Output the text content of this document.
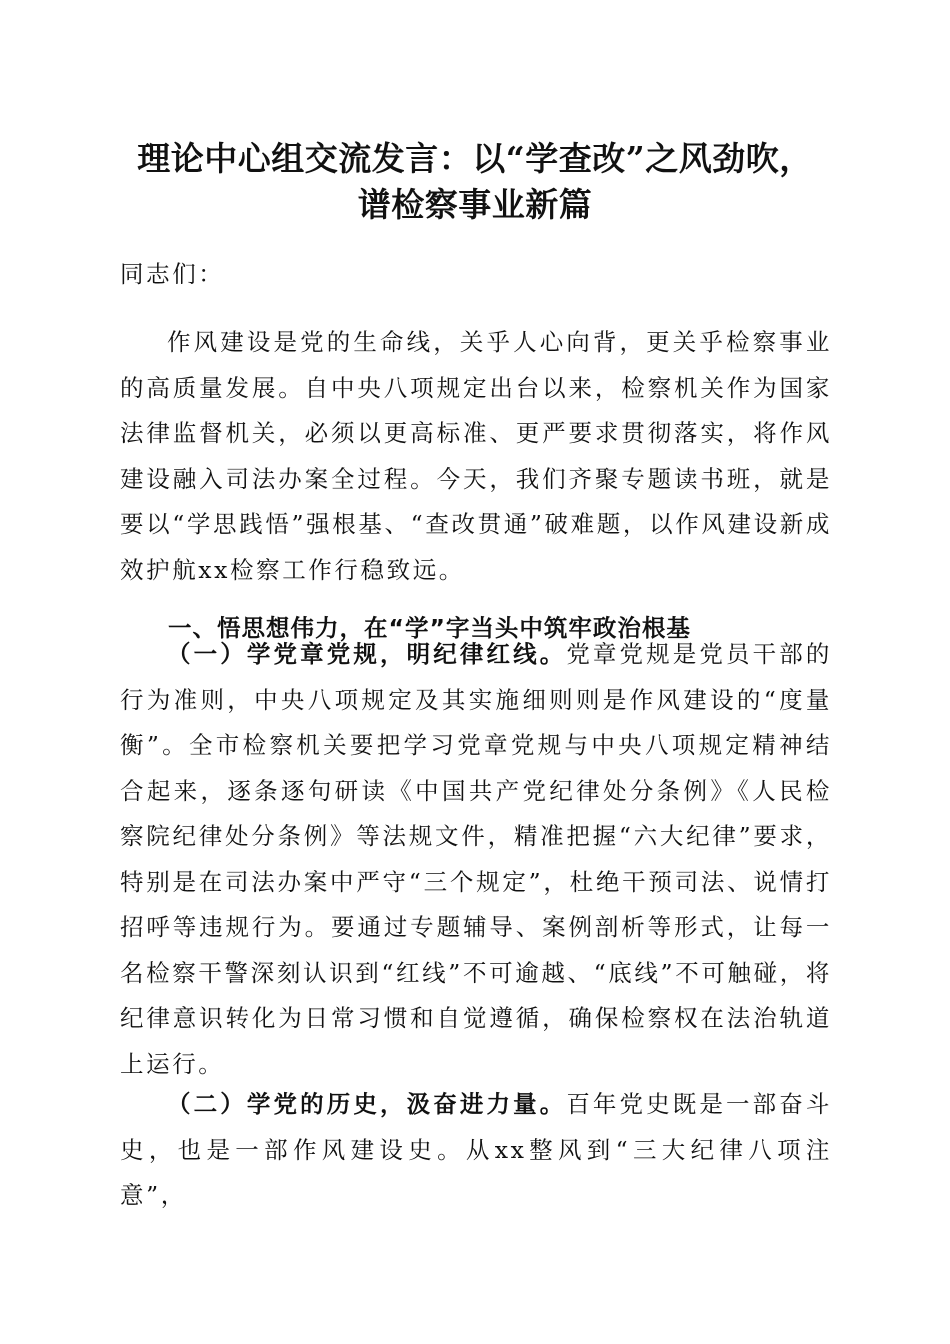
理论中心组交流发言：以“学查改”之风劲吹，
谱检察事业新篇
同志们：

作风建设是党的生命线，关乎人心向背，更关乎检察事业的高质量发展。自中央八项规定出台以来，检察机关作为国家法律监督机关，必须以更高标准、更严要求贯彻落实，将作风建设融入司法办案全过程。今天，我们齐聚专题读书班，就是要以“学思践悟”强根基、“查改贯通”破难题，以作风建设新成效护航xx检察工作行稳致远。

一、悟思想伟力，在“学”字当头中筑牢政治根基

（一）学党章党规，明纪律红线。党章党规是党员干部的行为准则，中央八项规定及其实施细则则是作风建设的“度量衡”。全市检察机关要把学习党章党规与中央八项规定精神结合起来，逐条逐句研读《中国共产党纪律处分条例》《人民检察院纪律处分条例》等法规文件，精准把握“六大纪律”要求，特别是在司法办案中严守“三个规定”，杜绝干预司法、说情打招呼等违规行为。要通过专题辅导、案例剖析等形式，让每一名检察干警深刻认识到“红线”不可逾越、“底线”不可触碰，将纪律意识转化为日常习惯和自觉遵循，确保检察权在法治轨道上运行。

（二）学党的历史，汲奋进力量。百年党史既是一部奋斗史，也是一部作风建设史。从xx整风到“三大纪律八项注意”，
